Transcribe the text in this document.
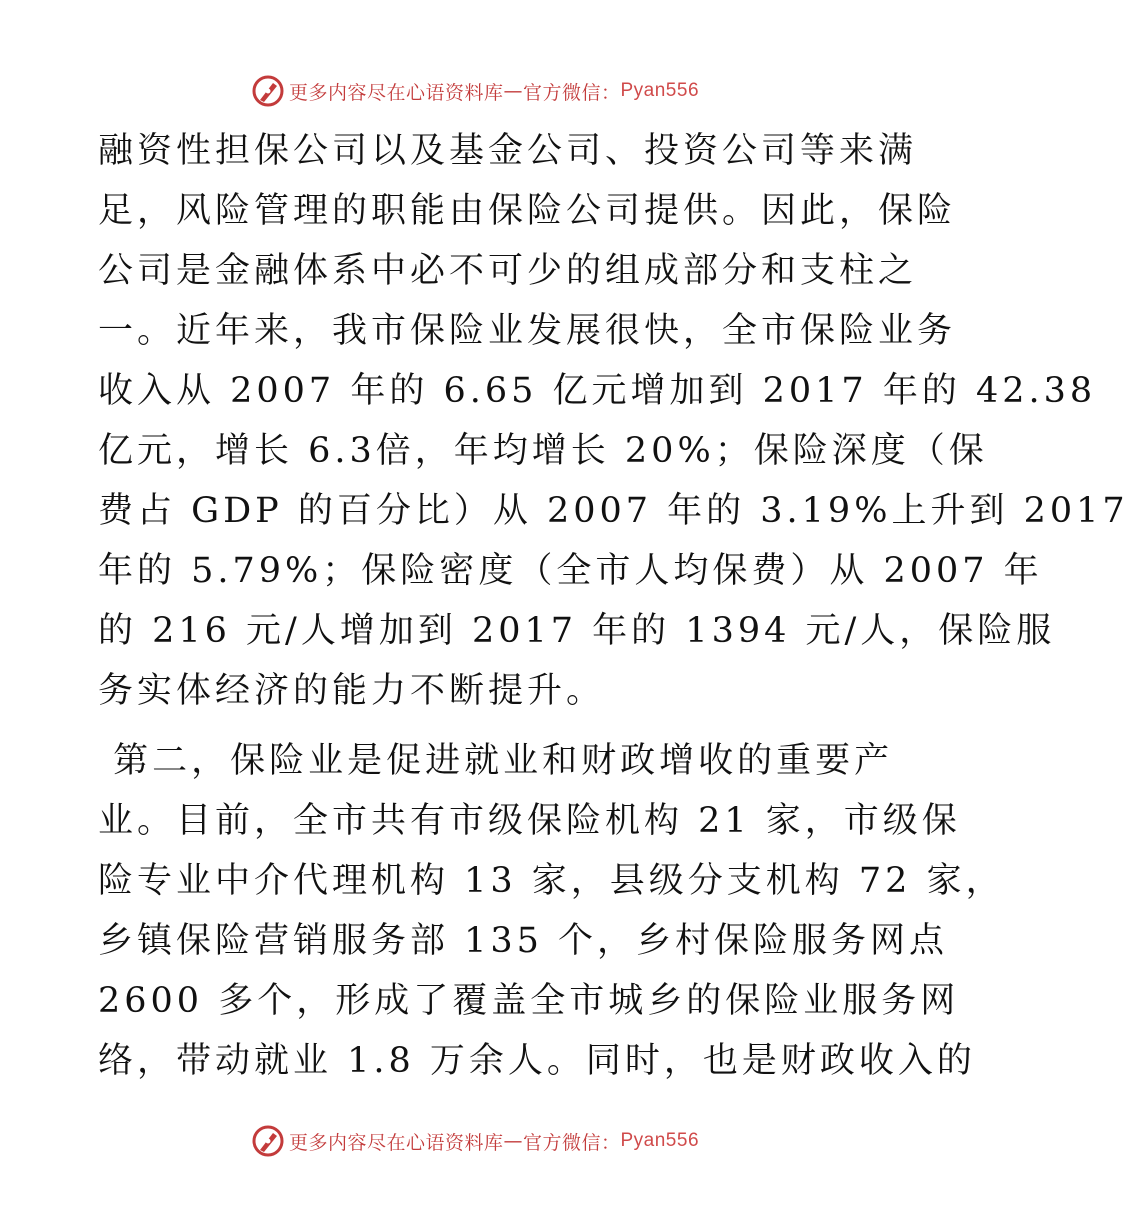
更多内容尽在心语资料库 — 官方微信： Pyan556

融资性担保公司以及基金公司、投资公司等来满

足，风险管理的职能由保险公司提供。因此，保险

公司是金融体系中必不可少的组成部分和支柱之

一。近年来，我市保险业发展很快，全市保险业务

收入从 2007 年的 6.65 亿元增加到 2017 年的 42.38

亿元，增长 6.3倍，年均增长 20%；保险深度（保

费占 GDP 的百分比）从 2007 年的 3.19%上升到 2017

年的 5.79%；保险密度（全市人均保费）从 2007 年

的 216 元/人增加到 2017 年的 1394 元/人，保险服

务实体经济的能力不断提升。

第二，保险业是促进就业和财政增收的重要产

业。目前，全市共有市级保险机构 21 家，市级保

险专业中介代理机构 13 家，县级分支机构 72 家，

乡镇保险营销服务部 135 个，乡村保险服务网点

2600 多个，形成了覆盖全市城乡的保险业服务网

络，带动就业 1.8 万余人。同时，也是财政收入的

更多内容尽在心语资料库 — 官方微信： Pyan556
